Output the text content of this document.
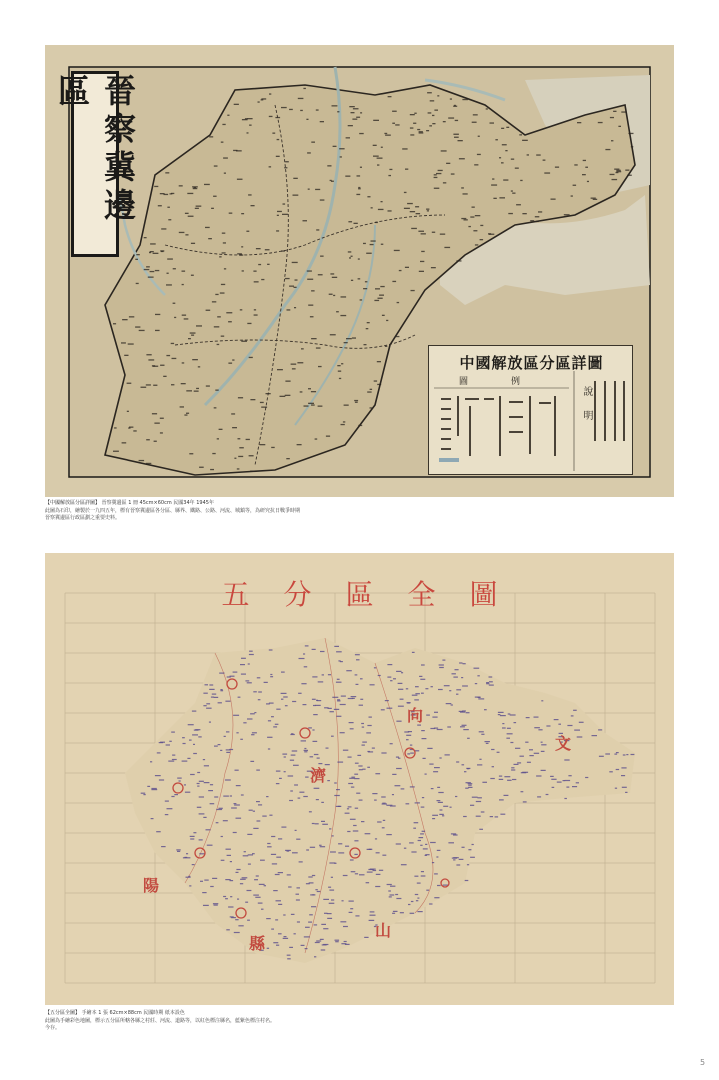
晉察冀邊區
中國解放區分區詳圖
圖	例
說明
【中國解放區分區詳圖】 晉察冀邊區 1 冊 45cm×60cm 民國34年 1945年
此圖為石印，繪製於一九四五年，標有晉察冀邊區各分區、縣界、鐵路、公路、河流、城鎮等，為研究抗日戰爭時期
晉察冀邊區行政區劃之重要史料。
五分區全圖
向
文
濟
陽
縣
山
【五分區全圖】 手繪本 1 張 62cm×88cm 民國時期 紙本設色
此圖為手繪彩色地圖，標示五分區所轄各縣之村莊、河流、道路等，以紅色標注縣名，藍紫色標注村名。
今存。
5
